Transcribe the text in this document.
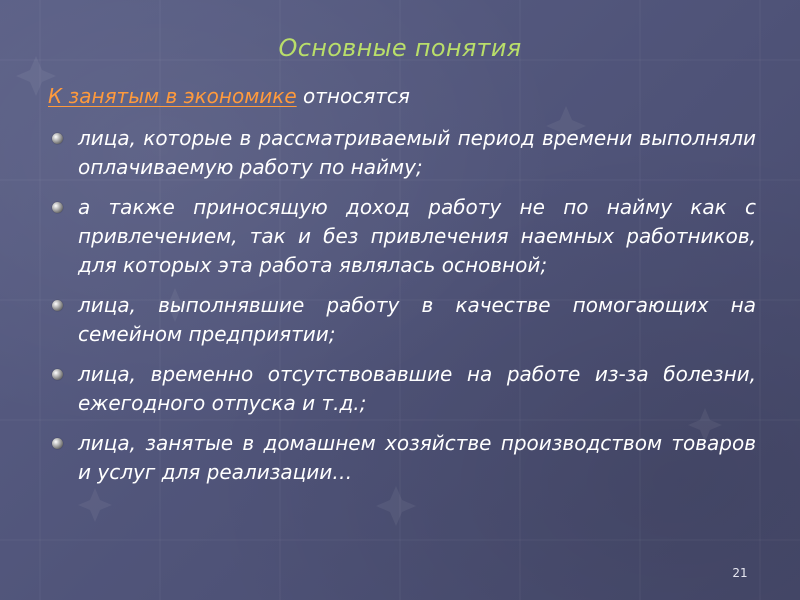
Основные понятия
К занятым в экономике относятся
лица, которые в рассматриваемый период времени выполняли оплачиваемую работу по найму;
а также приносящую доход работу не по найму как с привлечением, так и без привлечения наемных работников, для которых эта работа являлась основной;
лица, выполнявшие работу в качестве помогающих на семейном предприятии;
лица, временно отсутствовавшие на работе из-за болезни, ежегодного отпуска и т.д.;
лица, занятые в домашнем хозяйстве производством товаров и услуг для реализации…
21
